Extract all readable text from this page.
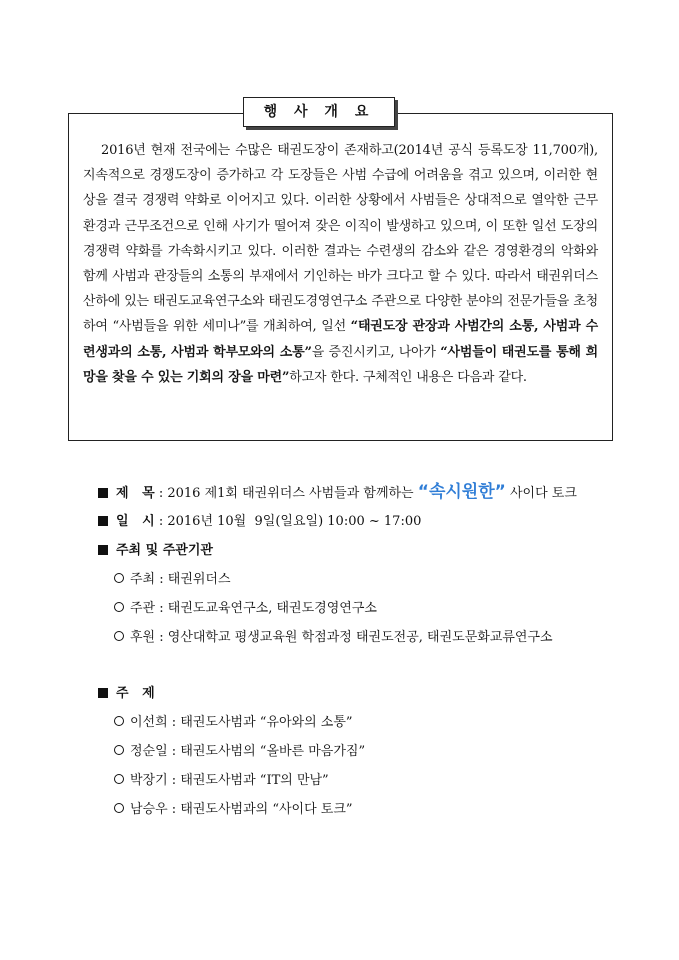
행 사 개 요

2016년 현재 전국에는 수많은 태권도장이 존재하고(2014년 공식 등록도장 11,700개), 지속적으로 경쟁도장이 증가하고 각 도장들은 사범 수급에 어려움을 겪고 있으며, 이러한 현상을 결국 경쟁력 약화로 이어지고 있다. 이러한 상황에서 사범들은 상대적으로 열악한 근무환경과 근무조건으로 인해 사기가 떨어져 잦은 이직이 발생하고 있으며, 이 또한 일선 도장의 경쟁력 약화를 가속화시키고 있다. 이러한 결과는 수련생의 감소와 같은 경영환경의 악화와 함께 사범과 관장들의 소통의 부재에서 기인하는 바가 크다고 할 수 있다. 따라서 태권위더스 산하에 있는 태권도교육연구소와 태권도경영연구소 주관으로 다양한 분야의 전문가들을 초청하여 “사범들을 위한 세미나”를 개최하여, 일선 “태권도장 관장과 사범간의 소통, 사범과 수련생과의 소통, 사범과 학부모와의 소통”을 증진시키고, 나아가 “사범들이 태권도를 통해 희망을 찾을 수 있는 기회의 장을 마련”하고자 한다. 구체적인 내용은 다음과 같다.

제   목 : 2016 제1회 태권위더스 사범들과 함께하는 “속시원한” 사이다 토크
일   시 : 2016년 10월  9일(일요일) 10:00 ~ 17:00
주최 및 주관기관
주최 : 태권위더스
주관 : 태권도교육연구소, 태권도경영연구소
후원 : 영산대학교 평생교육원 학점과정 태권도전공, 태권도문화교류연구소
주   제
이선희 : 태권도사범과 “유아와의 소통”
정순일 : 태권도사범의 “올바른 마음가짐”
박장기 : 태권도사범과 “IT의 만남”
남승우 : 태권도사범과의 “사이다 토크”
